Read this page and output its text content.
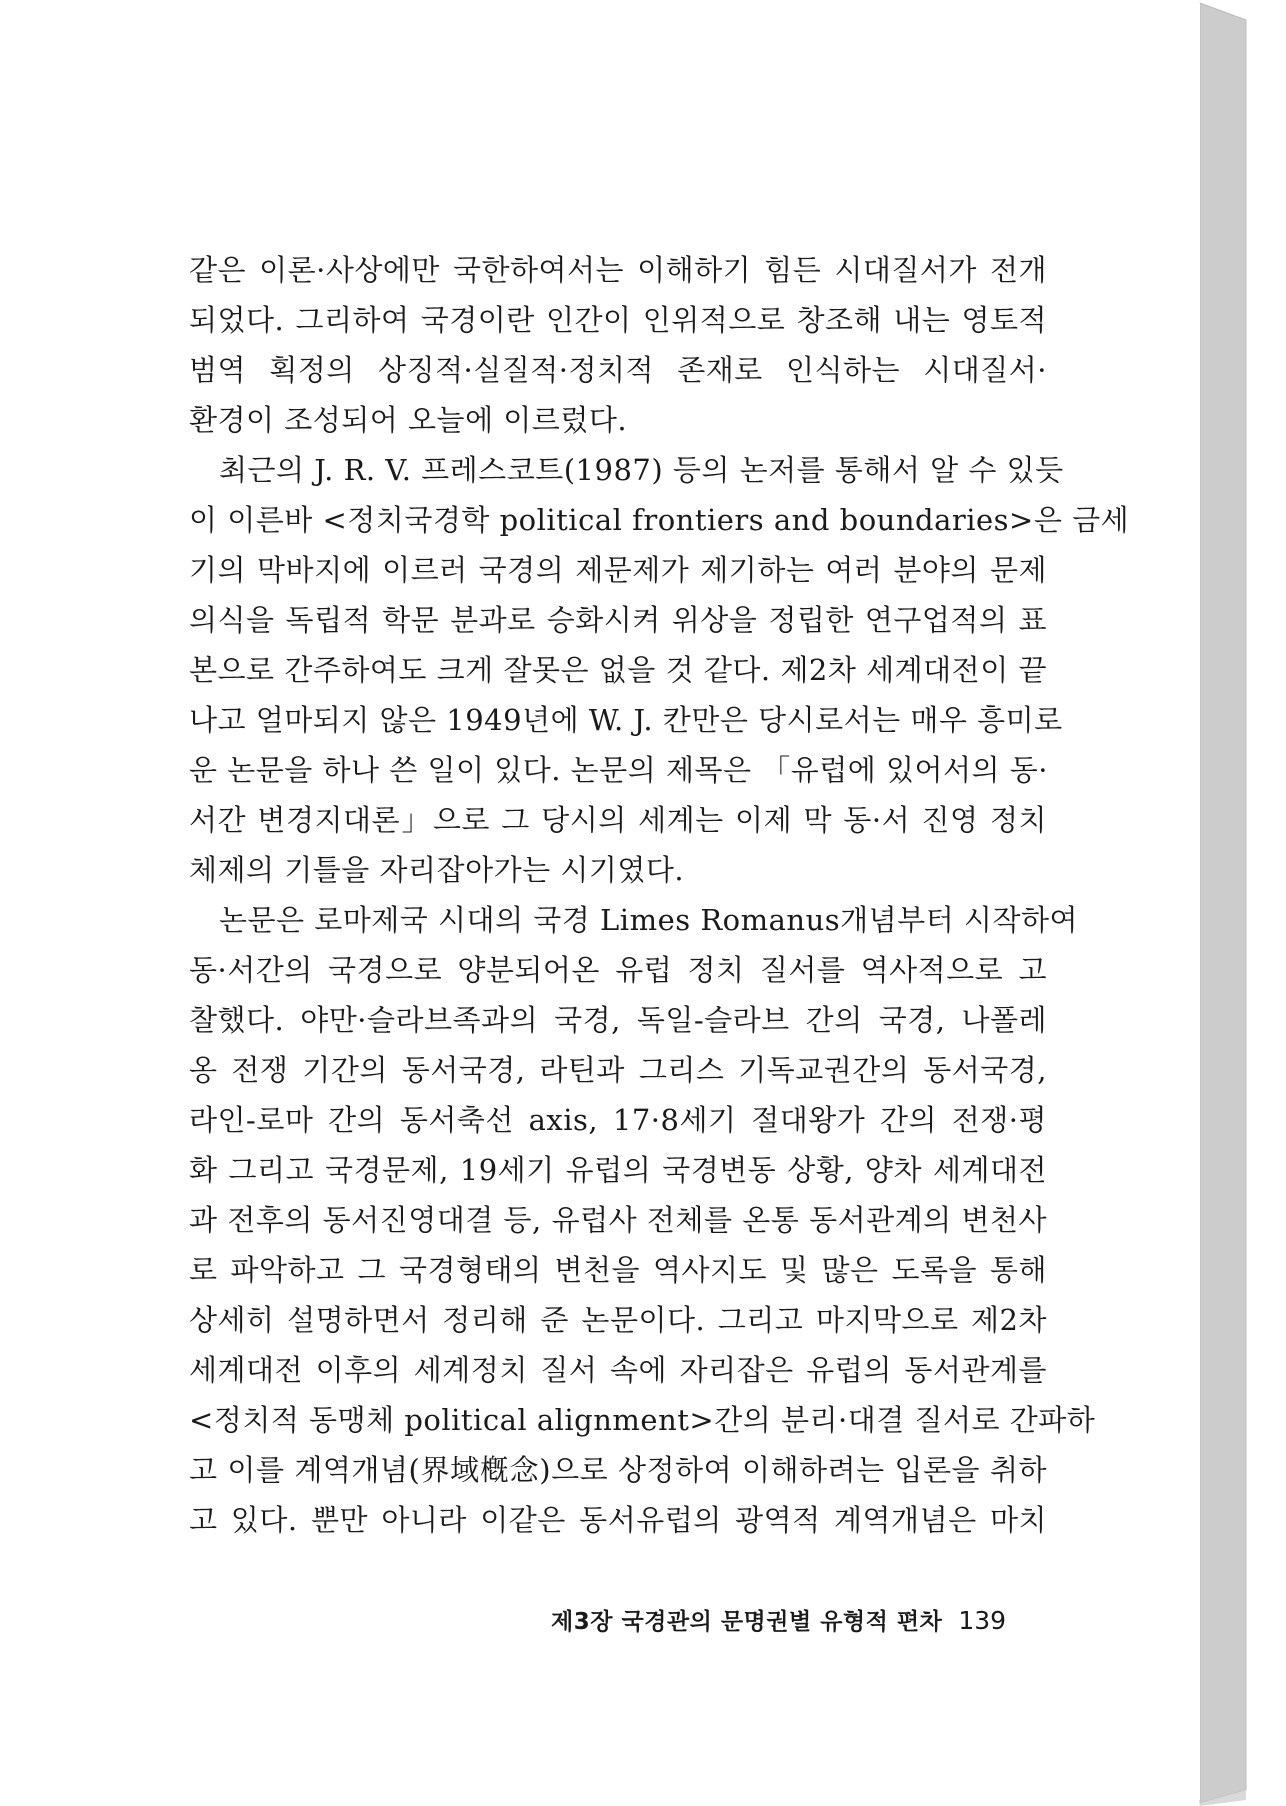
같은 이론·사상에만 국한하여서는 이해하기 힘든 시대질서가 전개
되었다. 그리하여 국경이란 인간이 인위적으로 창조해 내는 영토적
범역 획정의 상징적·실질적·정치적 존재로 인식하는 시대질서·
환경이 조성되어 오늘에 이르렀다.
최근의 J. R. V. 프레스코트(1987) 등의 논저를 통해서 알 수 있듯
이 이른바 <정치국경학 political frontiers and boundaries>은 금세
기의 막바지에 이르러 국경의 제문제가 제기하는 여러 분야의 문제
의식을 독립적 학문 분과로 승화시켜 위상을 정립한 연구업적의 표
본으로 간주하여도 크게 잘못은 없을 것 같다. 제2차 세계대전이 끝
나고 얼마되지 않은 1949년에 W. J. 칸만은 당시로서는 매우 흥미로
운 논문을 하나 쓴 일이 있다. 논문의 제목은 「유럽에 있어서의 동·
서간 변경지대론」으로 그 당시의 세계는 이제 막 동·서 진영 정치
체제의 기틀을 자리잡아가는 시기였다.
논문은 로마제국 시대의 국경 Limes Romanus개념부터 시작하여
동·서간의 국경으로 양분되어온 유럽 정치 질서를 역사적으로 고
찰했다. 야만·슬라브족과의 국경, 독일-슬라브 간의 국경, 나폴레
옹 전쟁 기간의 동서국경, 라틴과 그리스 기독교권간의 동서국경,
라인-로마 간의 동서축선 axis, 17·8세기 절대왕가 간의 전쟁·평
화 그리고 국경문제, 19세기 유럽의 국경변동 상황, 양차 세계대전
과 전후의 동서진영대결 등, 유럽사 전체를 온통 동서관계의 변천사
로 파악하고 그 국경형태의 변천을 역사지도 및 많은 도록을 통해
상세히 설명하면서 정리해 준 논문이다. 그리고 마지막으로 제2차
세계대전 이후의 세계정치 질서 속에 자리잡은 유럽의 동서관계를
<정치적 동맹체 political alignment>간의 분리·대결 질서로 간파하
고 이를 계역개념(界域槪念)으로 상정하여 이해하려는 입론을 취하
고 있다. 뿐만 아니라 이같은 동서유럽의 광역적 계역개념은 마치
제3장 국경관의 문명권별 유형적 편차 139
